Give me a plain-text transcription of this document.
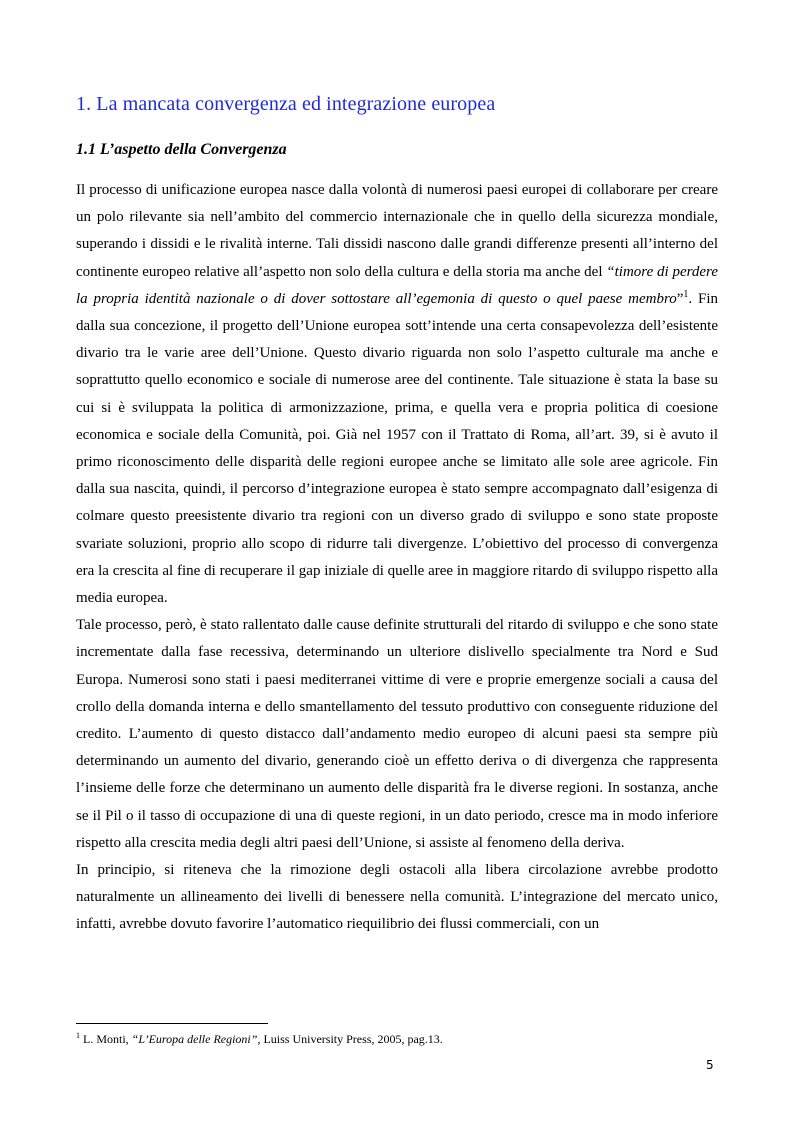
1. La mancata convergenza ed integrazione europea
1.1 L’aspetto della Convergenza

Il processo di unificazione europea nasce dalla volontà di numerosi paesi europei di collaborare per creare un polo rilevante sia nell’ambito del commercio internazionale che in quello della sicurezza mondiale, superando i dissidi e le rivalità interne. Tali dissidi nascono dalle grandi differenze presenti all’interno del continente europeo relative all’aspetto non solo della cultura e della storia ma anche del “timore di perdere la propria identità nazionale o di dover sottostare all’egemonia di questo o quel paese membro”$^1$. Fin dalla sua concezione, il progetto dell’Unione europea sott’intende una certa consapevolezza dell’esistente divario tra le varie aree dell’Unione. Questo divario riguarda non solo l’aspetto culturale ma anche e soprattutto quello economico e sociale di numerose aree del continente. Tale situazione è stata la base su cui si è sviluppata la politica di armonizzazione, prima, e quella vera e propria politica di coesione economica e sociale della Comunità, poi. Già nel 1957 con il Trattato di Roma, all’art. 39, si è avuto il primo riconoscimento delle disparità delle regioni europee anche se limitato alle sole aree agricole. Fin dalla sua nascita, quindi, il percorso d’integrazione europea è stato sempre accompagnato dall’esigenza di colmare questo preesistente divario tra regioni con un diverso grado di sviluppo e sono state proposte svariate soluzioni, proprio allo scopo di ridurre tali divergenze. L’obiettivo del processo di convergenza era la crescita al fine di recuperare il gap iniziale di quelle aree in maggiore ritardo di sviluppo rispetto alla media europea.

Tale processo, però, è stato rallentato dalle cause definite strutturali del ritardo di sviluppo e che sono state incrementate dalla fase recessiva, determinando un ulteriore dislivello specialmente tra Nord e Sud Europa. Numerosi sono stati i paesi mediterranei vittime di vere e proprie emergenze sociali a causa del crollo della domanda interna e dello smantellamento del tessuto produttivo con conseguente riduzione del credito. L’aumento di questo distacco dall’andamento medio europeo di alcuni paesi sta sempre più determinando un aumento del divario, generando cioè un effetto deriva o di divergenza che rappresenta l’insieme delle forze che determinano un aumento delle disparità fra le diverse regioni. In sostanza, anche se il Pil o il tasso di occupazione di una di queste regioni, in un dato periodo, cresce ma in modo inferiore rispetto alla crescita media degli altri paesi dell’Unione, si assiste al fenomeno della deriva.

In principio, si riteneva che la rimozione degli ostacoli alla libera circolazione avrebbe prodotto naturalmente un allineamento dei livelli di benessere nella comunità. L’integrazione del mercato unico, infatti, avrebbe dovuto favorire l’automatico riequilibrio dei flussi commerciali, con un

$^1$ L. Monti, “L’Europa delle Regioni”, Luiss University Press, 2005, pag.13.

5
